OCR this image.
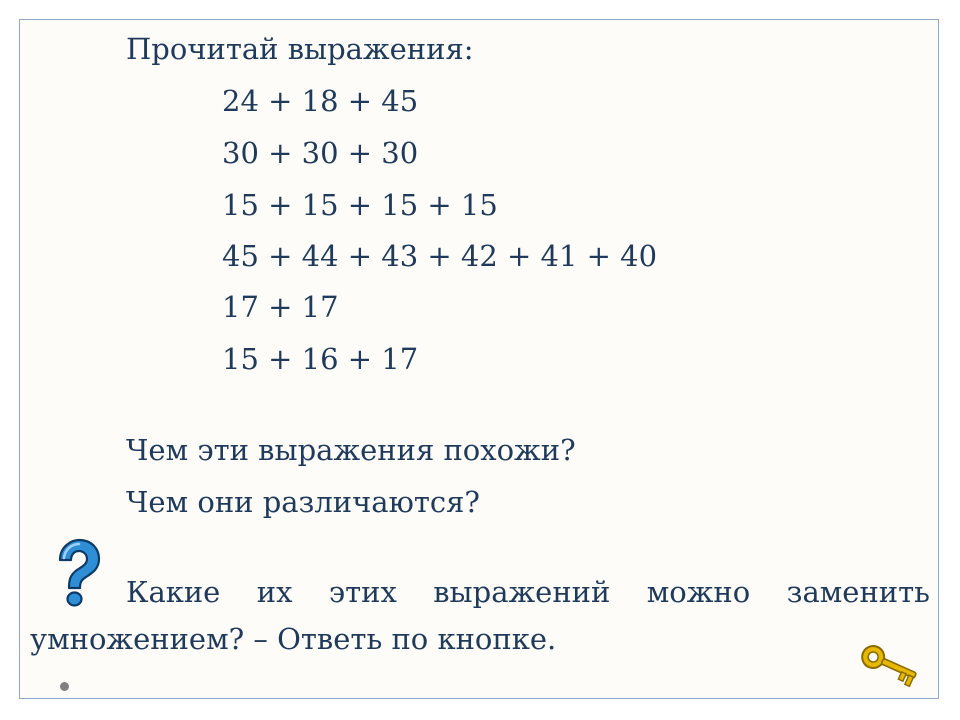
Прочитай выражения:
24 + 18 + 45
30 + 30 + 30
15 + 15 + 15 + 15
45 + 44 + 43 + 42 + 41 + 40
17 + 17
15 + 16 + 17
Чем эти выражения похожи?
Чем они различаются?
Какие их этих выражений можно заменить
умножением? – Ответь по кнопке.
